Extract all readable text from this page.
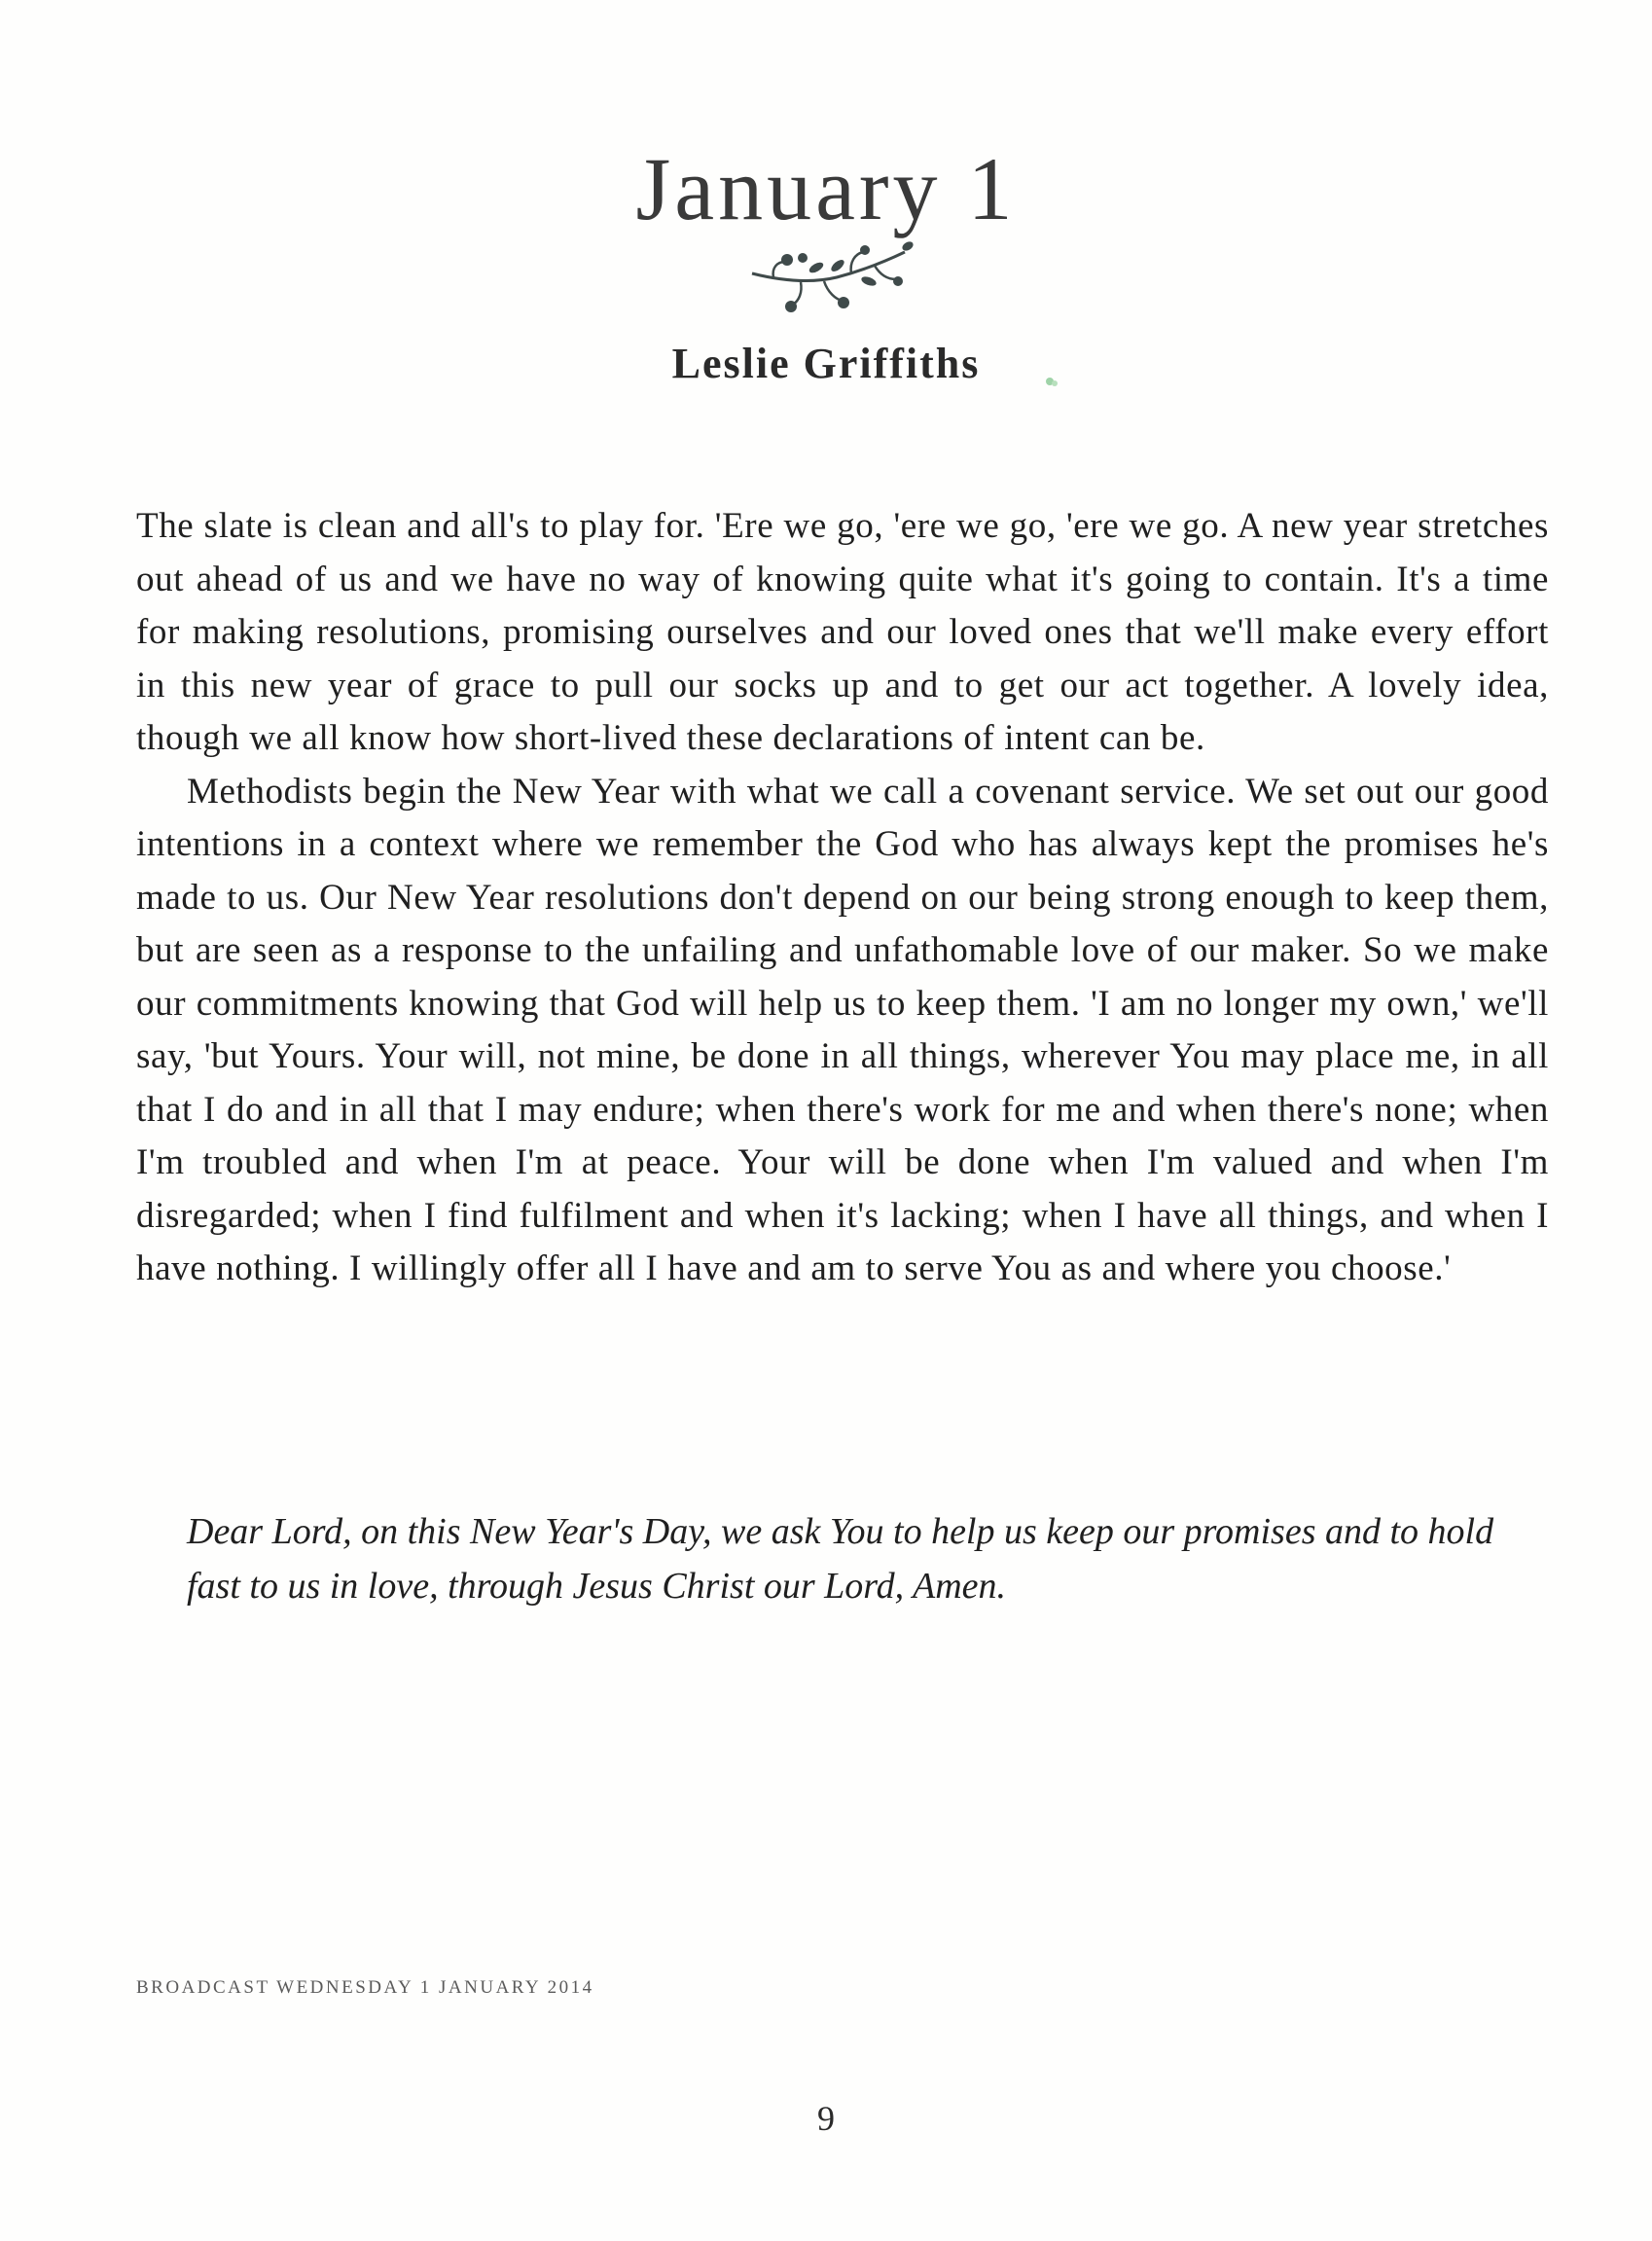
January 1
Leslie Griffiths

The slate is clean and all's to play for. 'Ere we go, 'ere we go, 'ere we go. A new year stretches out ahead of us and we have no way of knowing quite what it's going to contain. It's a time for making resolutions, promising ourselves and our loved ones that we'll make every effort in this new year of grace to pull our socks up and to get our act together. A lovely idea, though we all know how short-lived these declarations of intent can be.

Methodists begin the New Year with what we call a covenant service. We set out our good intentions in a context where we remember the God who has always kept the promises he's made to us. Our New Year resolutions don't depend on our being strong enough to keep them, but are seen as a response to the unfailing and unfathomable love of our maker. So we make our commitments knowing that God will help us to keep them. 'I am no longer my own,' we'll say, 'but Yours. Your will, not mine, be done in all things, wherever You may place me, in all that I do and in all that I may endure; when there's work for me and when there's none; when I'm troubled and when I'm at peace. Your will be done when I'm valued and when I'm disregarded; when I find fulfilment and when it's lacking; when I have all things, and when I have nothing. I willingly offer all I have and am to serve You as and where you choose.'

Dear Lord, on this New Year's Day, we ask You to help us keep our promises and to hold fast to us in love, through Jesus Christ our Lord, Amen.

BROADCAST WEDNESDAY 1 JANUARY 2014

9
